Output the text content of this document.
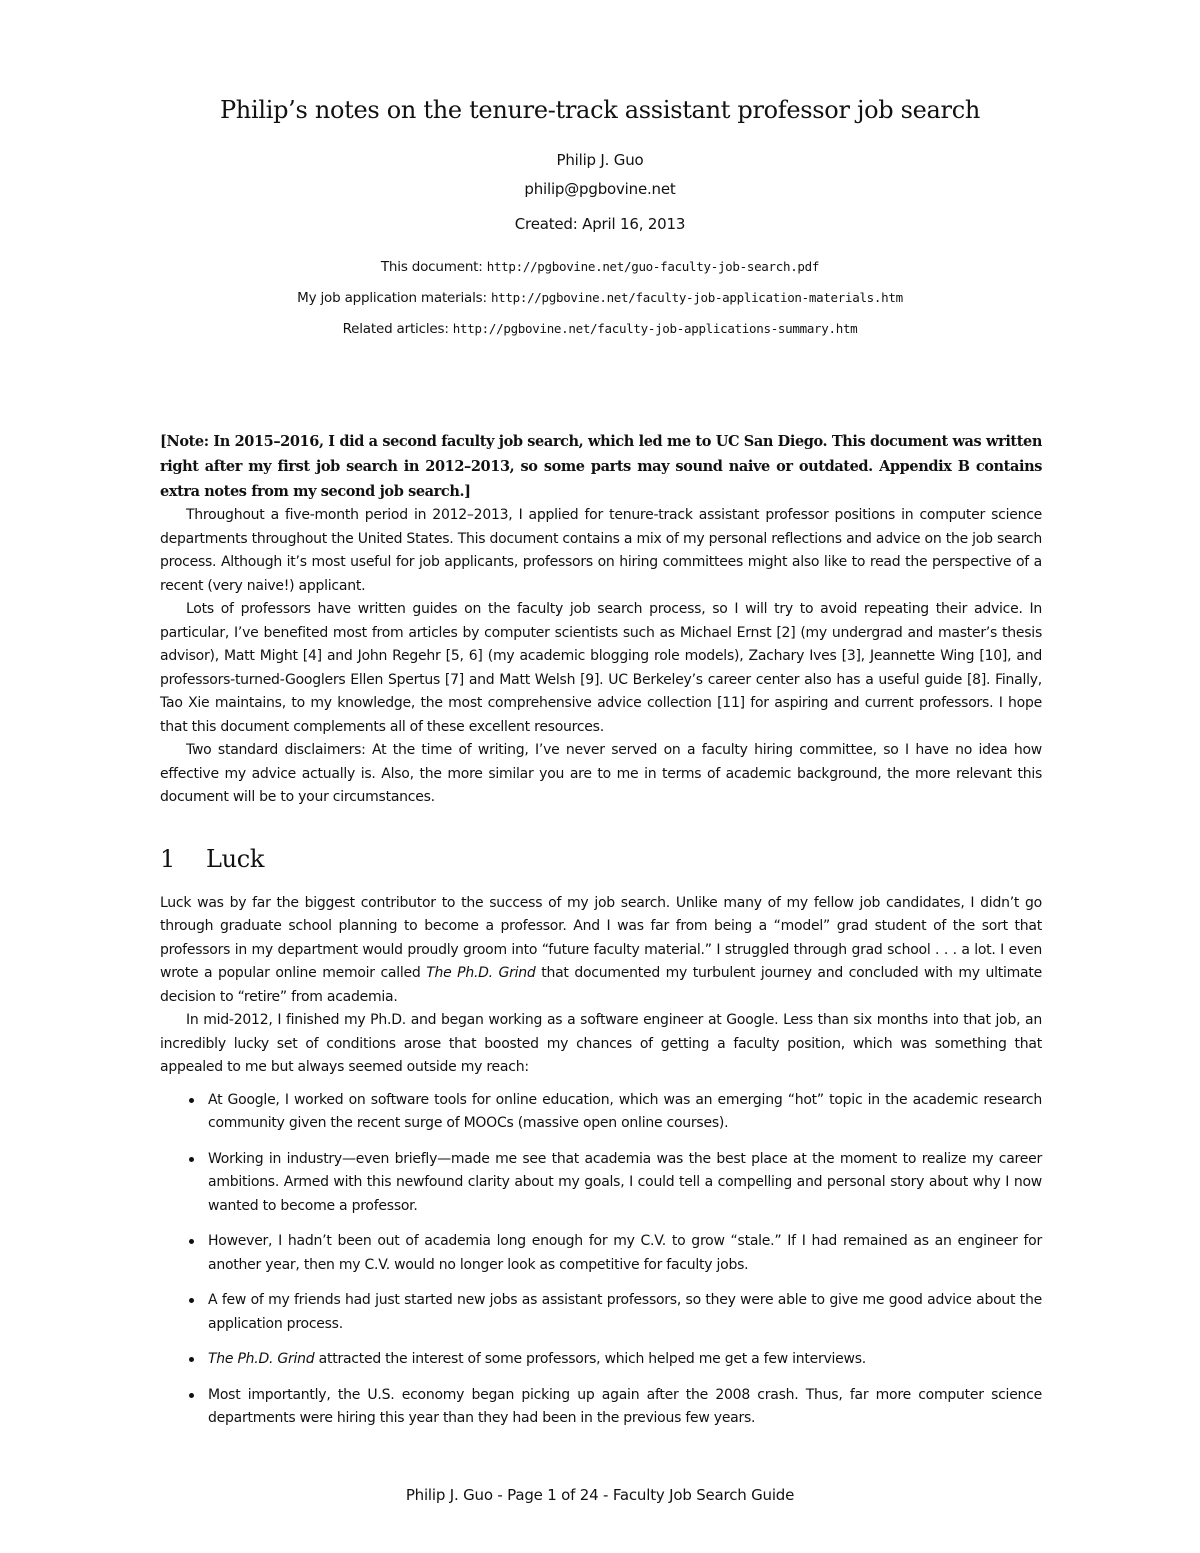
Philip’s notes on the tenure-track assistant professor job search
Philip J. Guo
philip@pgbovine.net
Created: April 16, 2013
This document: http://pgbovine.net/guo-faculty-job-search.pdf
My job application materials: http://pgbovine.net/faculty-job-application-materials.htm
Related articles: http://pgbovine.net/faculty-job-applications-summary.htm

[Note: In 2015–2016, I did a second faculty job search, which led me to UC San Diego. This document was written right after my first job search in 2012–2013, so some parts may sound naive or outdated. Appendix B contains extra notes from my second job search.]

Throughout a five-month period in 2012–2013, I applied for tenure-track assistant professor positions in computer science departments throughout the United States. This document contains a mix of my personal reflections and advice on the job search process. Although it’s most useful for job applicants, professors on hiring committees might also like to read the perspective of a recent (very naive!) applicant.

Lots of professors have written guides on the faculty job search process, so I will try to avoid repeating their advice. In particular, I’ve benefited most from articles by computer scientists such as Michael Ernst [2] (my undergrad and master’s thesis advisor), Matt Might [4] and John Regehr [5, 6] (my academic blogging role models), Zachary Ives [3], Jeannette Wing [10], and professors-turned-Googlers Ellen Spertus [7] and Matt Welsh [9]. UC Berkeley’s career center also has a useful guide [8]. Finally, Tao Xie maintains, to my knowledge, the most comprehensive advice collection [11] for aspiring and current professors. I hope that this document complements all of these excellent resources.

Two standard disclaimers: At the time of writing, I’ve never served on a faculty hiring committee, so I have no idea how effective my advice actually is. Also, the more similar you are to me in terms of academic background, the more relevant this document will be to your circumstances.

1 Luck

Luck was by far the biggest contributor to the success of my job search. Unlike many of my fellow job candidates, I didn’t go through graduate school planning to become a professor. And I was far from being a “model” grad student of the sort that professors in my department would proudly groom into “future faculty material.” I struggled through grad school . . . a lot. I even wrote a popular online memoir called The Ph.D. Grind that documented my turbulent journey and concluded with my ultimate decision to “retire” from academia.

In mid-2012, I finished my Ph.D. and began working as a software engineer at Google. Less than six months into that job, an incredibly lucky set of conditions arose that boosted my chances of getting a faculty position, which was something that appealed to me but always seemed outside my reach:

At Google, I worked on software tools for online education, which was an emerging “hot” topic in the academic research community given the recent surge of MOOCs (massive open online courses).
Working in industry—even briefly—made me see that academia was the best place at the moment to realize my career ambitions. Armed with this newfound clarity about my goals, I could tell a compelling and personal story about why I now wanted to become a professor.
However, I hadn’t been out of academia long enough for my C.V. to grow “stale.” If I had remained as an engineer for another year, then my C.V. would no longer look as competitive for faculty jobs.
A few of my friends had just started new jobs as assistant professors, so they were able to give me good advice about the application process.
The Ph.D. Grind attracted the interest of some professors, which helped me get a few interviews.
Most importantly, the U.S. economy began picking up again after the 2008 crash. Thus, far more computer science departments were hiring this year than they had been in the previous few years.
Philip J. Guo - Page 1 of 24 - Faculty Job Search Guide
